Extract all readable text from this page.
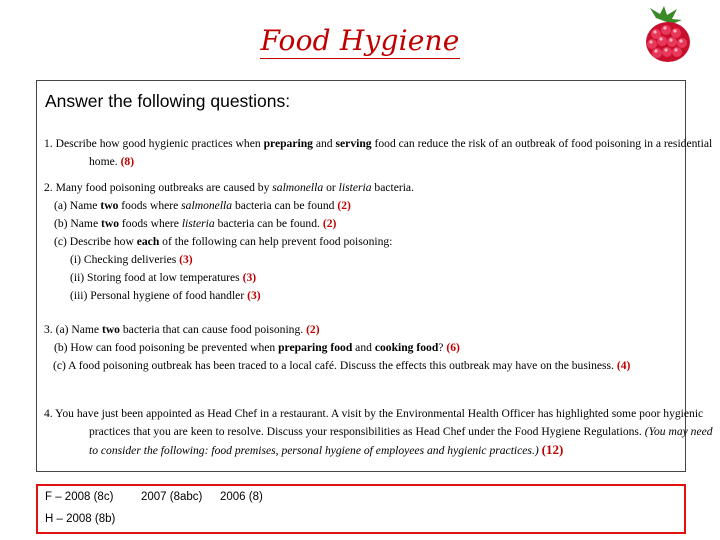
Food Hygiene
Answer the following questions:
1. Describe how good hygienic practices when preparing and serving food can reduce the risk of an outbreak of food poisoning in a residential home. (8)
2. Many food poisoning outbreaks are caused by salmonella or listeria bacteria.
(a) Name two foods where salmonella bacteria can be found (2)
(b) Name two foods where listeria bacteria can be found. (2)
(c) Describe how each of the following can help prevent food poisoning:
(i) Checking deliveries (3)
(ii) Storing food at low temperatures (3)
(iii) Personal hygiene of food handler (3)
3. (a) Name two bacteria that can cause food poisoning. (2)
(b) How can food poisoning be prevented when preparing food and cooking food? (6)
(c) A food poisoning outbreak has been traced to a local café. Discuss the effects this outbreak may have on the business. (4)
4. You have just been appointed as Head Chef in a restaurant. A visit by the Environmental Health Officer has highlighted some poor hygienic practices that you are keen to resolve. Discuss your responsibilities as Head Chef under the Food Hygiene Regulations. (You may need to consider the following: food premises, personal hygiene of employees and hygienic practices.) (12)
F – 2008 (8c) 2007 (8abc) 2006 (8)
H – 2008 (8b)
